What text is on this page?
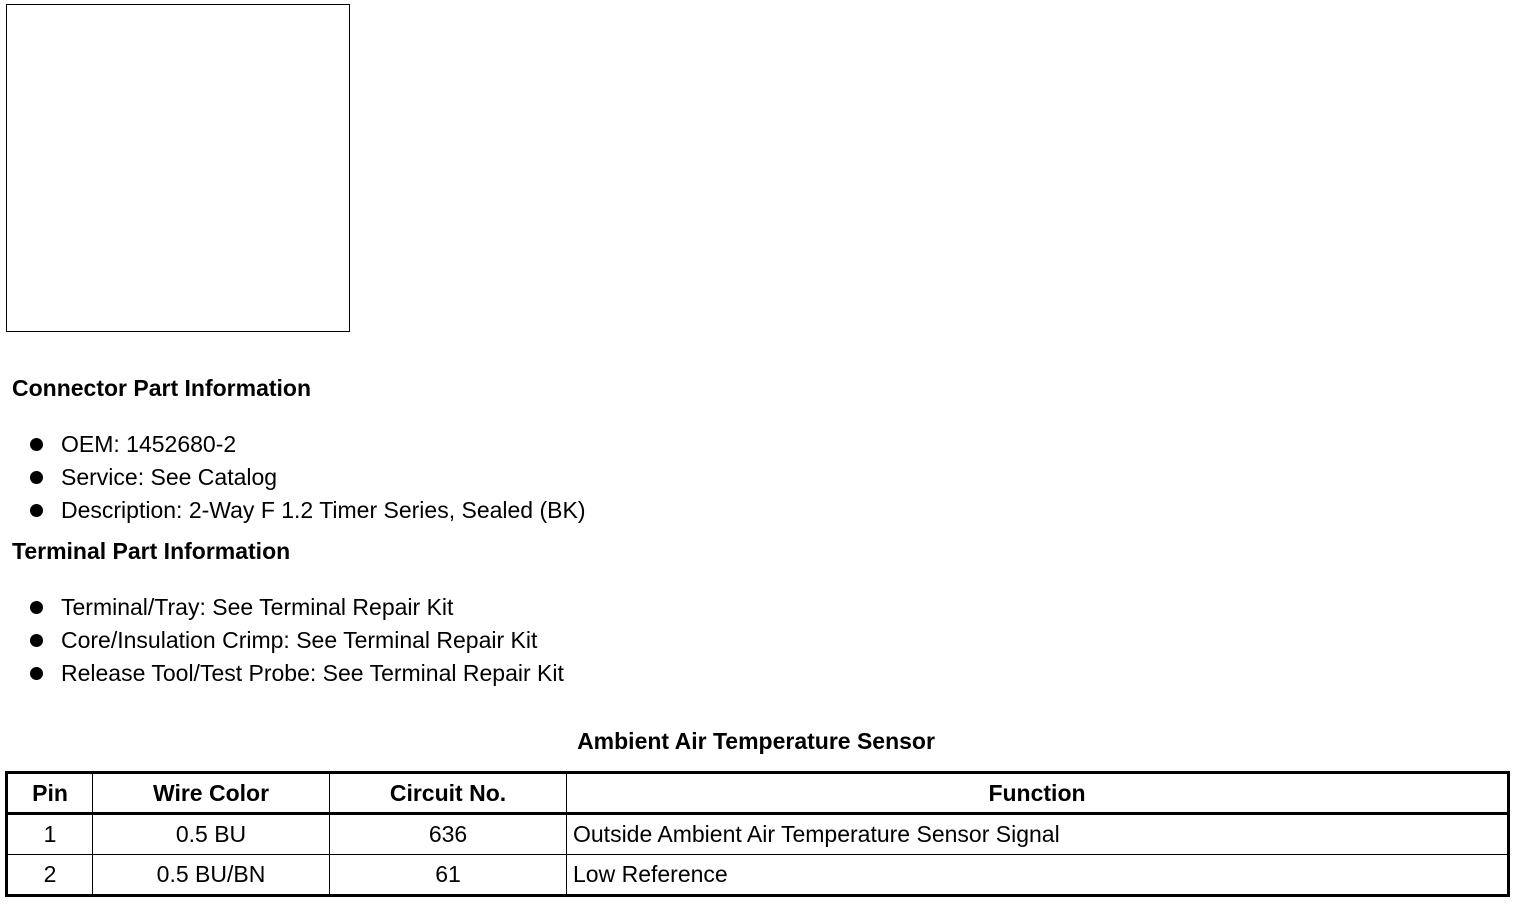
Connector Part Information
OEM: 1452680-2
Service: See Catalog
Description: 2-Way F 1.2 Timer Series, Sealed (BK)
Terminal Part Information
Terminal/Tray: See Terminal Repair Kit
Core/Insulation Crimp: See Terminal Repair Kit
Release Tool/Test Probe: See Terminal Repair Kit
Ambient Air Temperature Sensor
Pin	Wire Color	Circuit No.	Function
1	0.5 BU	636	Outside Ambient Air Temperature Sensor Signal
2	0.5 BU/BN	61	Low Reference
